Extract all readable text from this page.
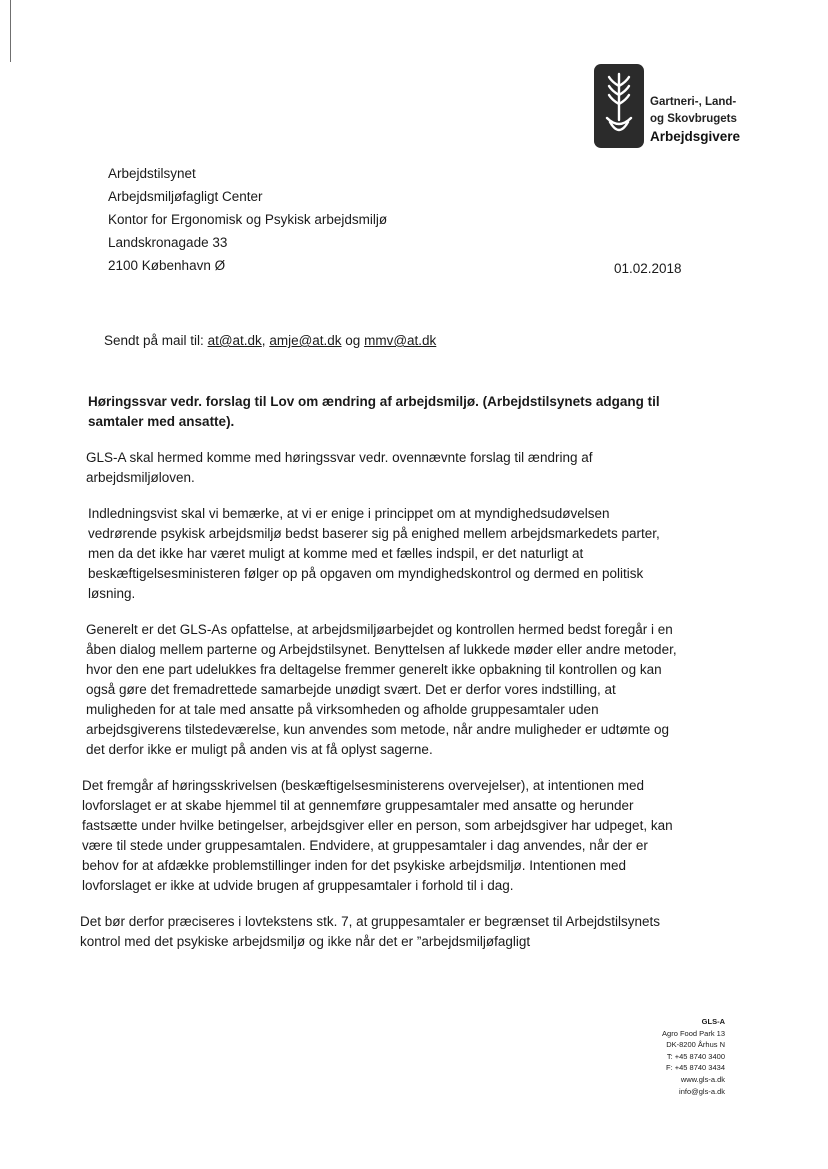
Gartneri-, Land-
og Skovbrugets
Arbejdsgivere
Arbejdstilsynet
Arbejdsmiljøfagligt Center
Kontor for Ergonomisk og Psykisk arbejdsmiljø
Landskronagade 33
2100 København Ø	01.02.2018
Sendt på mail til: at@at.dk, amje@at.dk og mmv@at.dk
Høringssvar vedr. forslag til Lov om ændring af arbejdsmiljø. (Arbejdstilsynets adgang til samtaler med ansatte).
GLS-A skal hermed komme med høringssvar vedr. ovennævnte forslag til ændring af arbejdsmiljøloven.
Indledningsvist skal vi bemærke, at vi er enige i princippet om at myndighedsudøvelsen vedrørende psykisk arbejdsmiljø bedst baserer sig på enighed mellem arbejdsmarkedets parter, men da det ikke har været muligt at komme med et fælles indspil, er det naturligt at beskæftigelsesministeren følger op på opgaven om myndighedskontrol og dermed en politisk løsning.
Generelt er det GLS-As opfattelse, at arbejdsmiljøarbejdet og kontrollen hermed bedst foregår i en åben dialog mellem parterne og Arbejdstilsynet. Benyttelsen af lukkede møder eller andre metoder, hvor den ene part udelukkes fra deltagelse fremmer generelt ikke opbakning til kontrollen og kan også gøre det fremadrettede samarbejde unødigt svært. Det er derfor vores indstilling, at muligheden for at tale med ansatte på virksomheden og afholde gruppesamtaler uden arbejdsgiverens tilstedeværelse, kun anvendes som metode, når andre muligheder er udtømte og det derfor ikke er muligt på anden vis at få oplyst sagerne.
Det fremgår af høringsskrivelsen (beskæftigelsesministerens overvejelser), at intentionen med lovforslaget er at skabe hjemmel til at gennemføre gruppesamtaler med ansatte og herunder fastsætte under hvilke betingelser, arbejdsgiver eller en person, som arbejdsgiver har udpeget, kan være til stede under gruppesamtalen. Endvidere, at gruppesamtaler i dag anvendes, når der er behov for at afdække problemstillinger inden for det psykiske arbejdsmiljø. Intentionen med lovforslaget er ikke at udvide brugen af gruppesamtaler i forhold til i dag.
Det bør derfor præciseres i lovtekstens stk. 7, at gruppesamtaler er begrænset til Arbejdstilsynets kontrol med det psykiske arbejdsmiljø og ikke når det er ”arbejdsmiljøfagligt
GLS-A
Agro Food Park 13
DK-8200 Århus N
T: +45 8740 3400
F: +45 8740 3434
www.gls-a.dk
info@gls-a.dk
